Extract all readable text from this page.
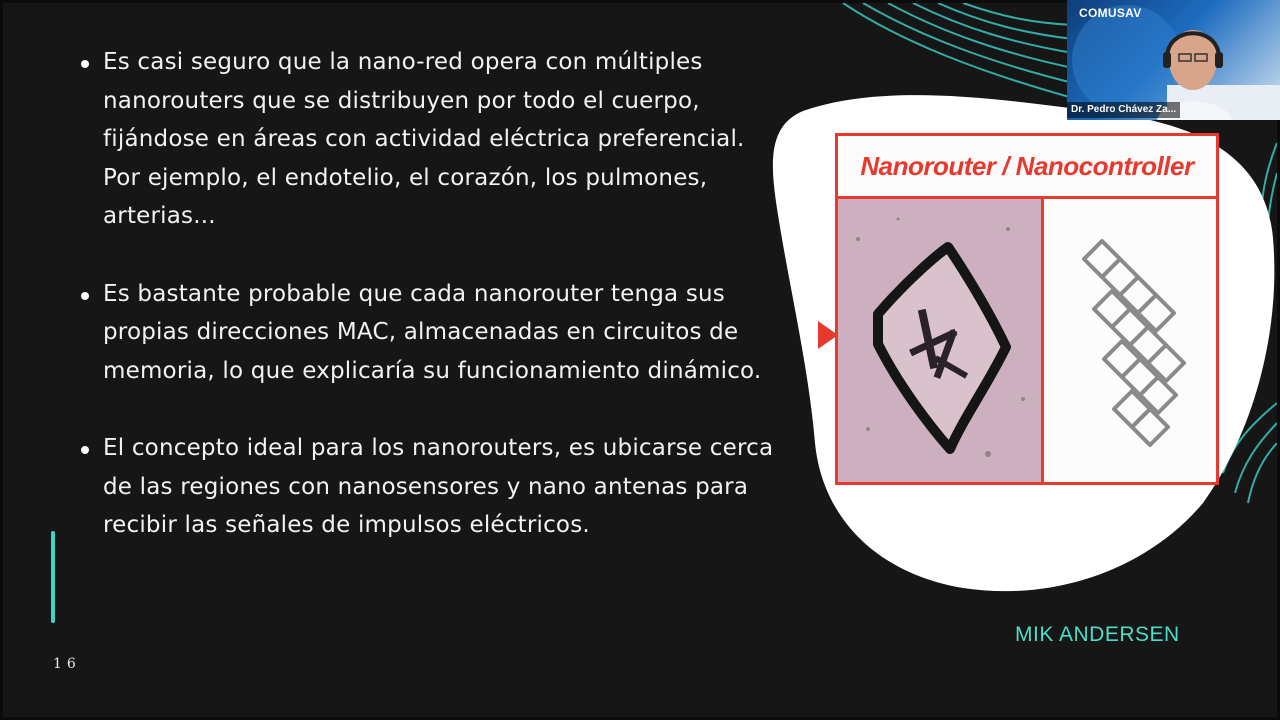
Es casi seguro que la nano-red opera con múltiples nanorouters que se distribuyen por todo el cuerpo, fijándose en áreas con actividad eléctrica preferencial. Por ejemplo, el endotelio, el corazón, los pulmones, arterias...

Es bastante probable que cada nanorouter tenga sus propias direcciones MAC, almacenadas en circuitos de memoria, lo que explicaría su funcionamiento dinámico.

El concepto ideal para los nanorouters, es ubicarse cerca de las regiones con nanosensores y nano antenas para recibir las señales de impulsos eléctricos.

16
MIK ANDERSEN
Nanorouter / Nanocontroller
COMUSAV
Dr. Pedro Chávez Za...
